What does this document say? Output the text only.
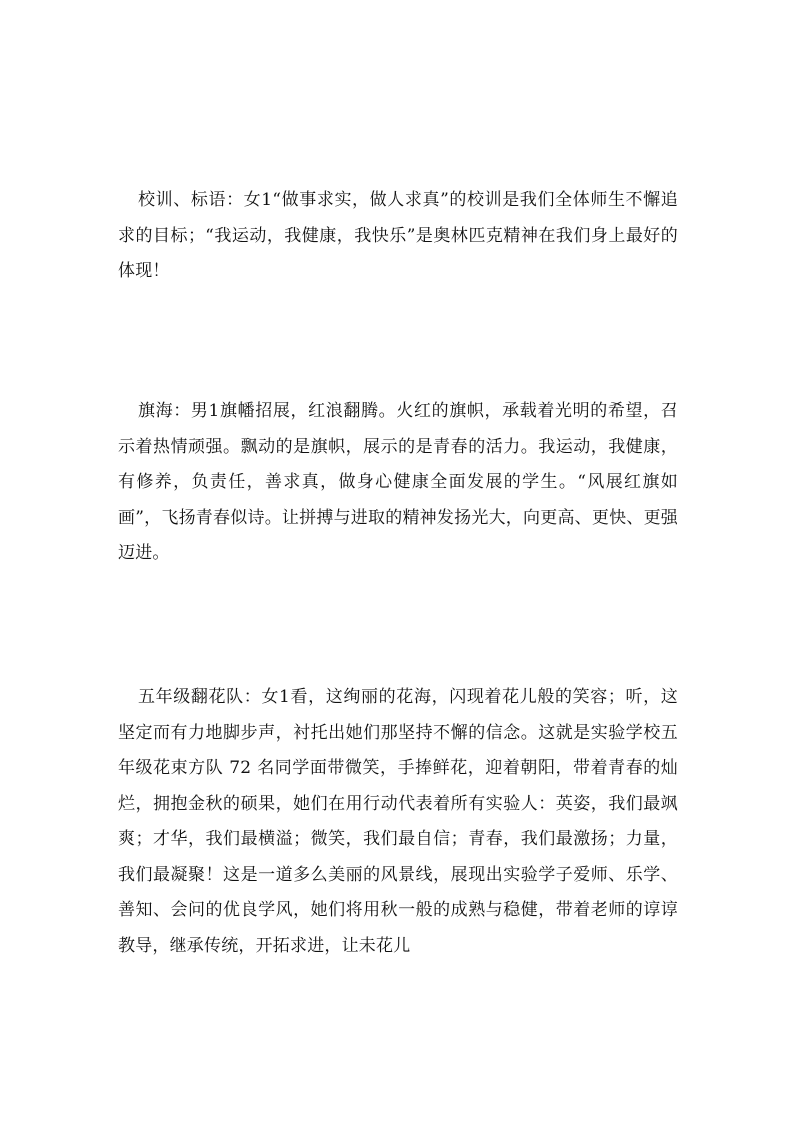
校训、标语：女1“做事求实，做人求真”的校训是我们全体师生不懈追求的目标；“我运动，我健康，我快乐”是奥林匹克精神在我们身上最好的体现！

旗海：男1旗幡招展，红浪翻腾。火红的旗帜，承载着光明的希望，召示着热情顽强。飘动的是旗帜，展示的是青春的活力。我运动，我健康，有修养，负责任，善求真，做身心健康全面发展的学生。“风展红旗如画”，飞扬青春似诗。让拼搏与进取的精神发扬光大，向更高、更快、更强迈进。

五年级翻花队：女1看，这绚丽的花海，闪现着花儿般的笑容；听，这坚定而有力地脚步声，衬托出她们那坚持不懈的信念。这就是实验学校五年级花束方队 72 名同学面带微笑，手捧鲜花，迎着朝阳，带着青春的灿烂，拥抱金秋的硕果，她们在用行动代表着所有实验人：英姿，我们最飒爽；才华，我们最横溢；微笑，我们最自信；青春，我们最激扬；力量，我们最凝聚！这是一道多么美丽的风景线，展现出实验学子爱师、乐学、善知、会问的优良学风，她们将用秋一般的成熟与稳健，带着老师的谆谆教导，继承传统，开拓求进，让未花儿
